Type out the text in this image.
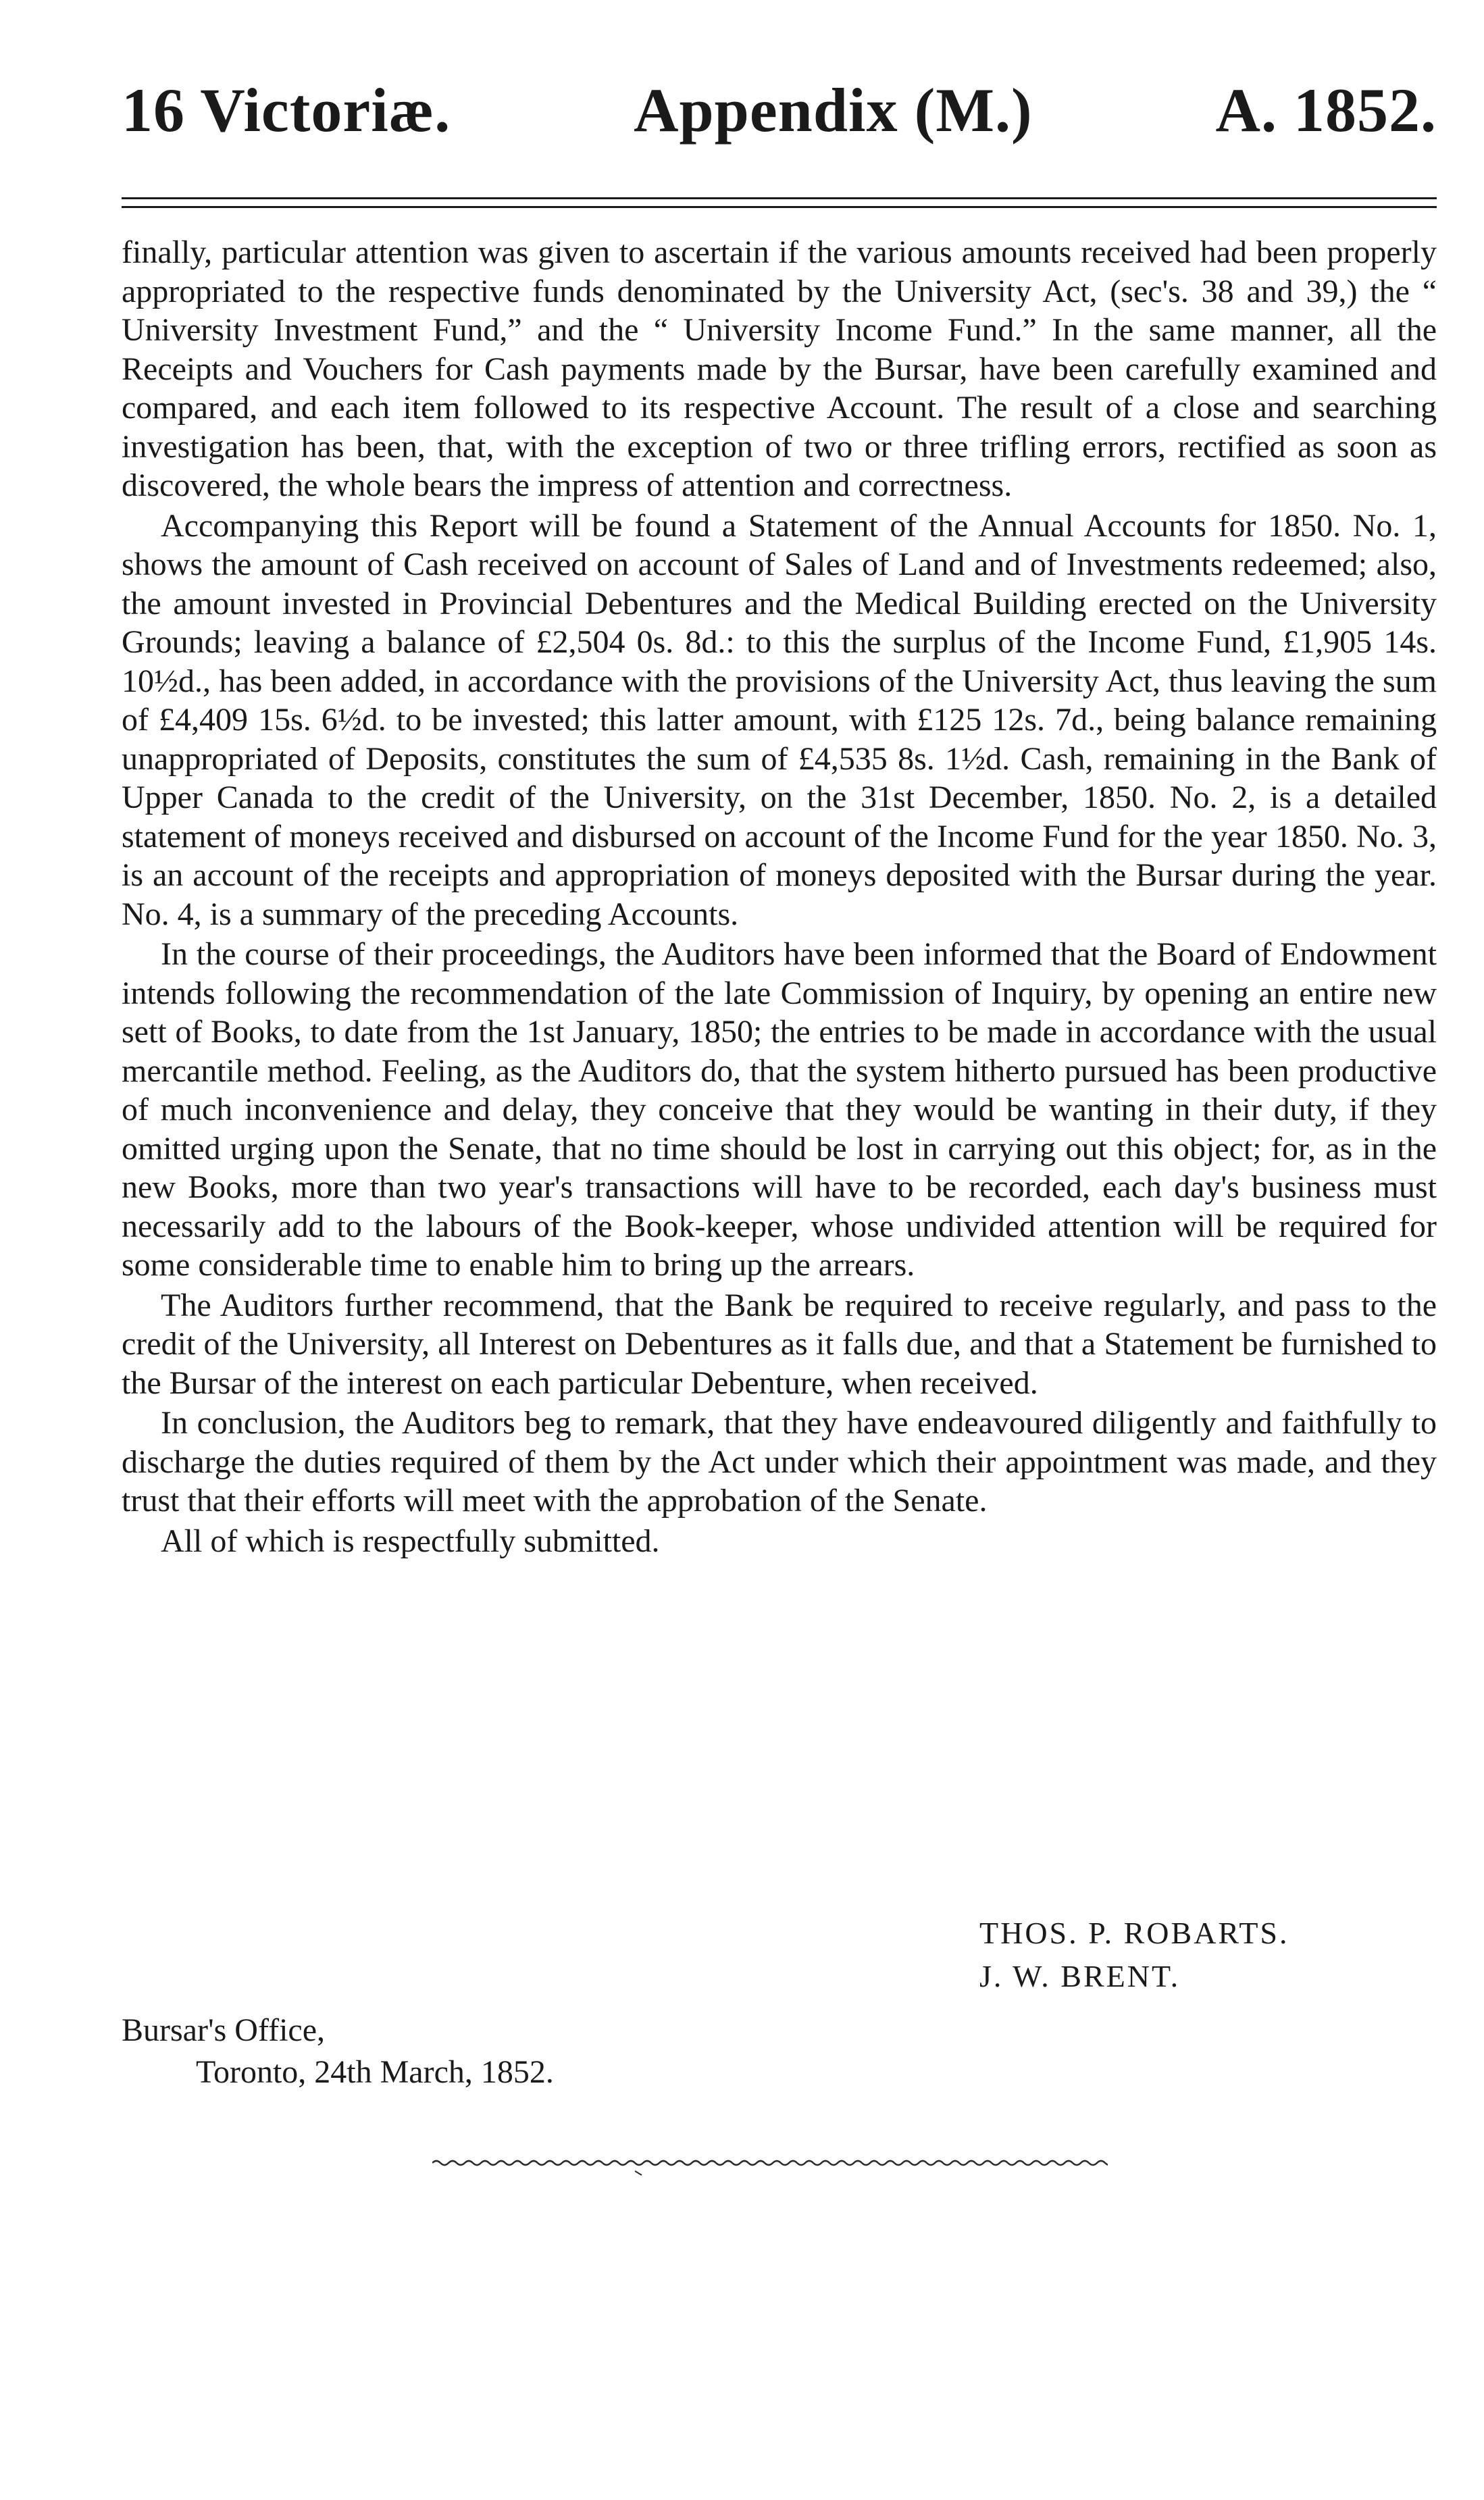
16 Victoriæ.	Appendix (M.)	A. 1852.

finally, particular attention was given to ascertain if the various amounts received had been properly appropriated to the respective funds denominated by the University Act, (sec's. 38 and 39,) the “ University Investment Fund,” and the “ University Income Fund.” In the same manner, all the Receipts and Vouchers for Cash payments made by the Bursar, have been carefully examined and compared, and each item followed to its respective Account. The result of a close and searching investigation has been, that, with the exception of two or three trifling errors, rectified as soon as discovered, the whole bears the impress of attention and correctness.

Accompanying this Report will be found a Statement of the Annual Accounts for 1850. No. 1, shows the amount of Cash received on account of Sales of Land and of Investments redeemed; also, the amount invested in Provincial Debentures and the Medical Building erected on the University Grounds; leaving a balance of £2,504 0s. 8d.: to this the surplus of the Income Fund, £1,905 14s. 10½d., has been added, in accordance with the provisions of the University Act, thus leaving the sum of £4,409 15s. 6½d. to be invested; this latter amount, with £125 12s. 7d., being balance remaining unappropriated of Deposits, constitutes the sum of £4,535 8s. 1½d. Cash, remaining in the Bank of Upper Canada to the credit of the University, on the 31st December, 1850. No. 2, is a detailed statement of moneys received and disbursed on account of the Income Fund for the year 1850. No. 3, is an account of the receipts and appropriation of moneys deposited with the Bursar during the year. No. 4, is a summary of the preceding Accounts.

In the course of their proceedings, the Auditors have been informed that the Board of Endowment intends following the recommendation of the late Commission of Inquiry, by opening an entire new sett of Books, to date from the 1st January, 1850; the entries to be made in accordance with the usual mercantile method. Feeling, as the Auditors do, that the system hitherto pursued has been productive of much inconvenience and delay, they conceive that they would be wanting in their duty, if they omitted urging upon the Senate, that no time should be lost in carrying out this object; for, as in the new Books, more than two year's transactions will have to be recorded, each day's business must necessarily add to the labours of the Book-keeper, whose undivided attention will be required for some considerable time to enable him to bring up the arrears.

The Auditors further recommend, that the Bank be required to receive regularly, and pass to the credit of the University, all Interest on Debentures as it falls due, and that a Statement be furnished to the Bursar of the interest on each particular Debenture, when received.

In conclusion, the Auditors beg to remark, that they have endeavoured diligently and faithfully to discharge the duties required of them by the Act under which their appointment was made, and they trust that their efforts will meet with the approbation of the Senate.

All of which is respectfully submitted.

THOS. P. ROBARTS.
J. W. BRENT.
Bursar's Office,
Toronto, 24th March, 1852.
